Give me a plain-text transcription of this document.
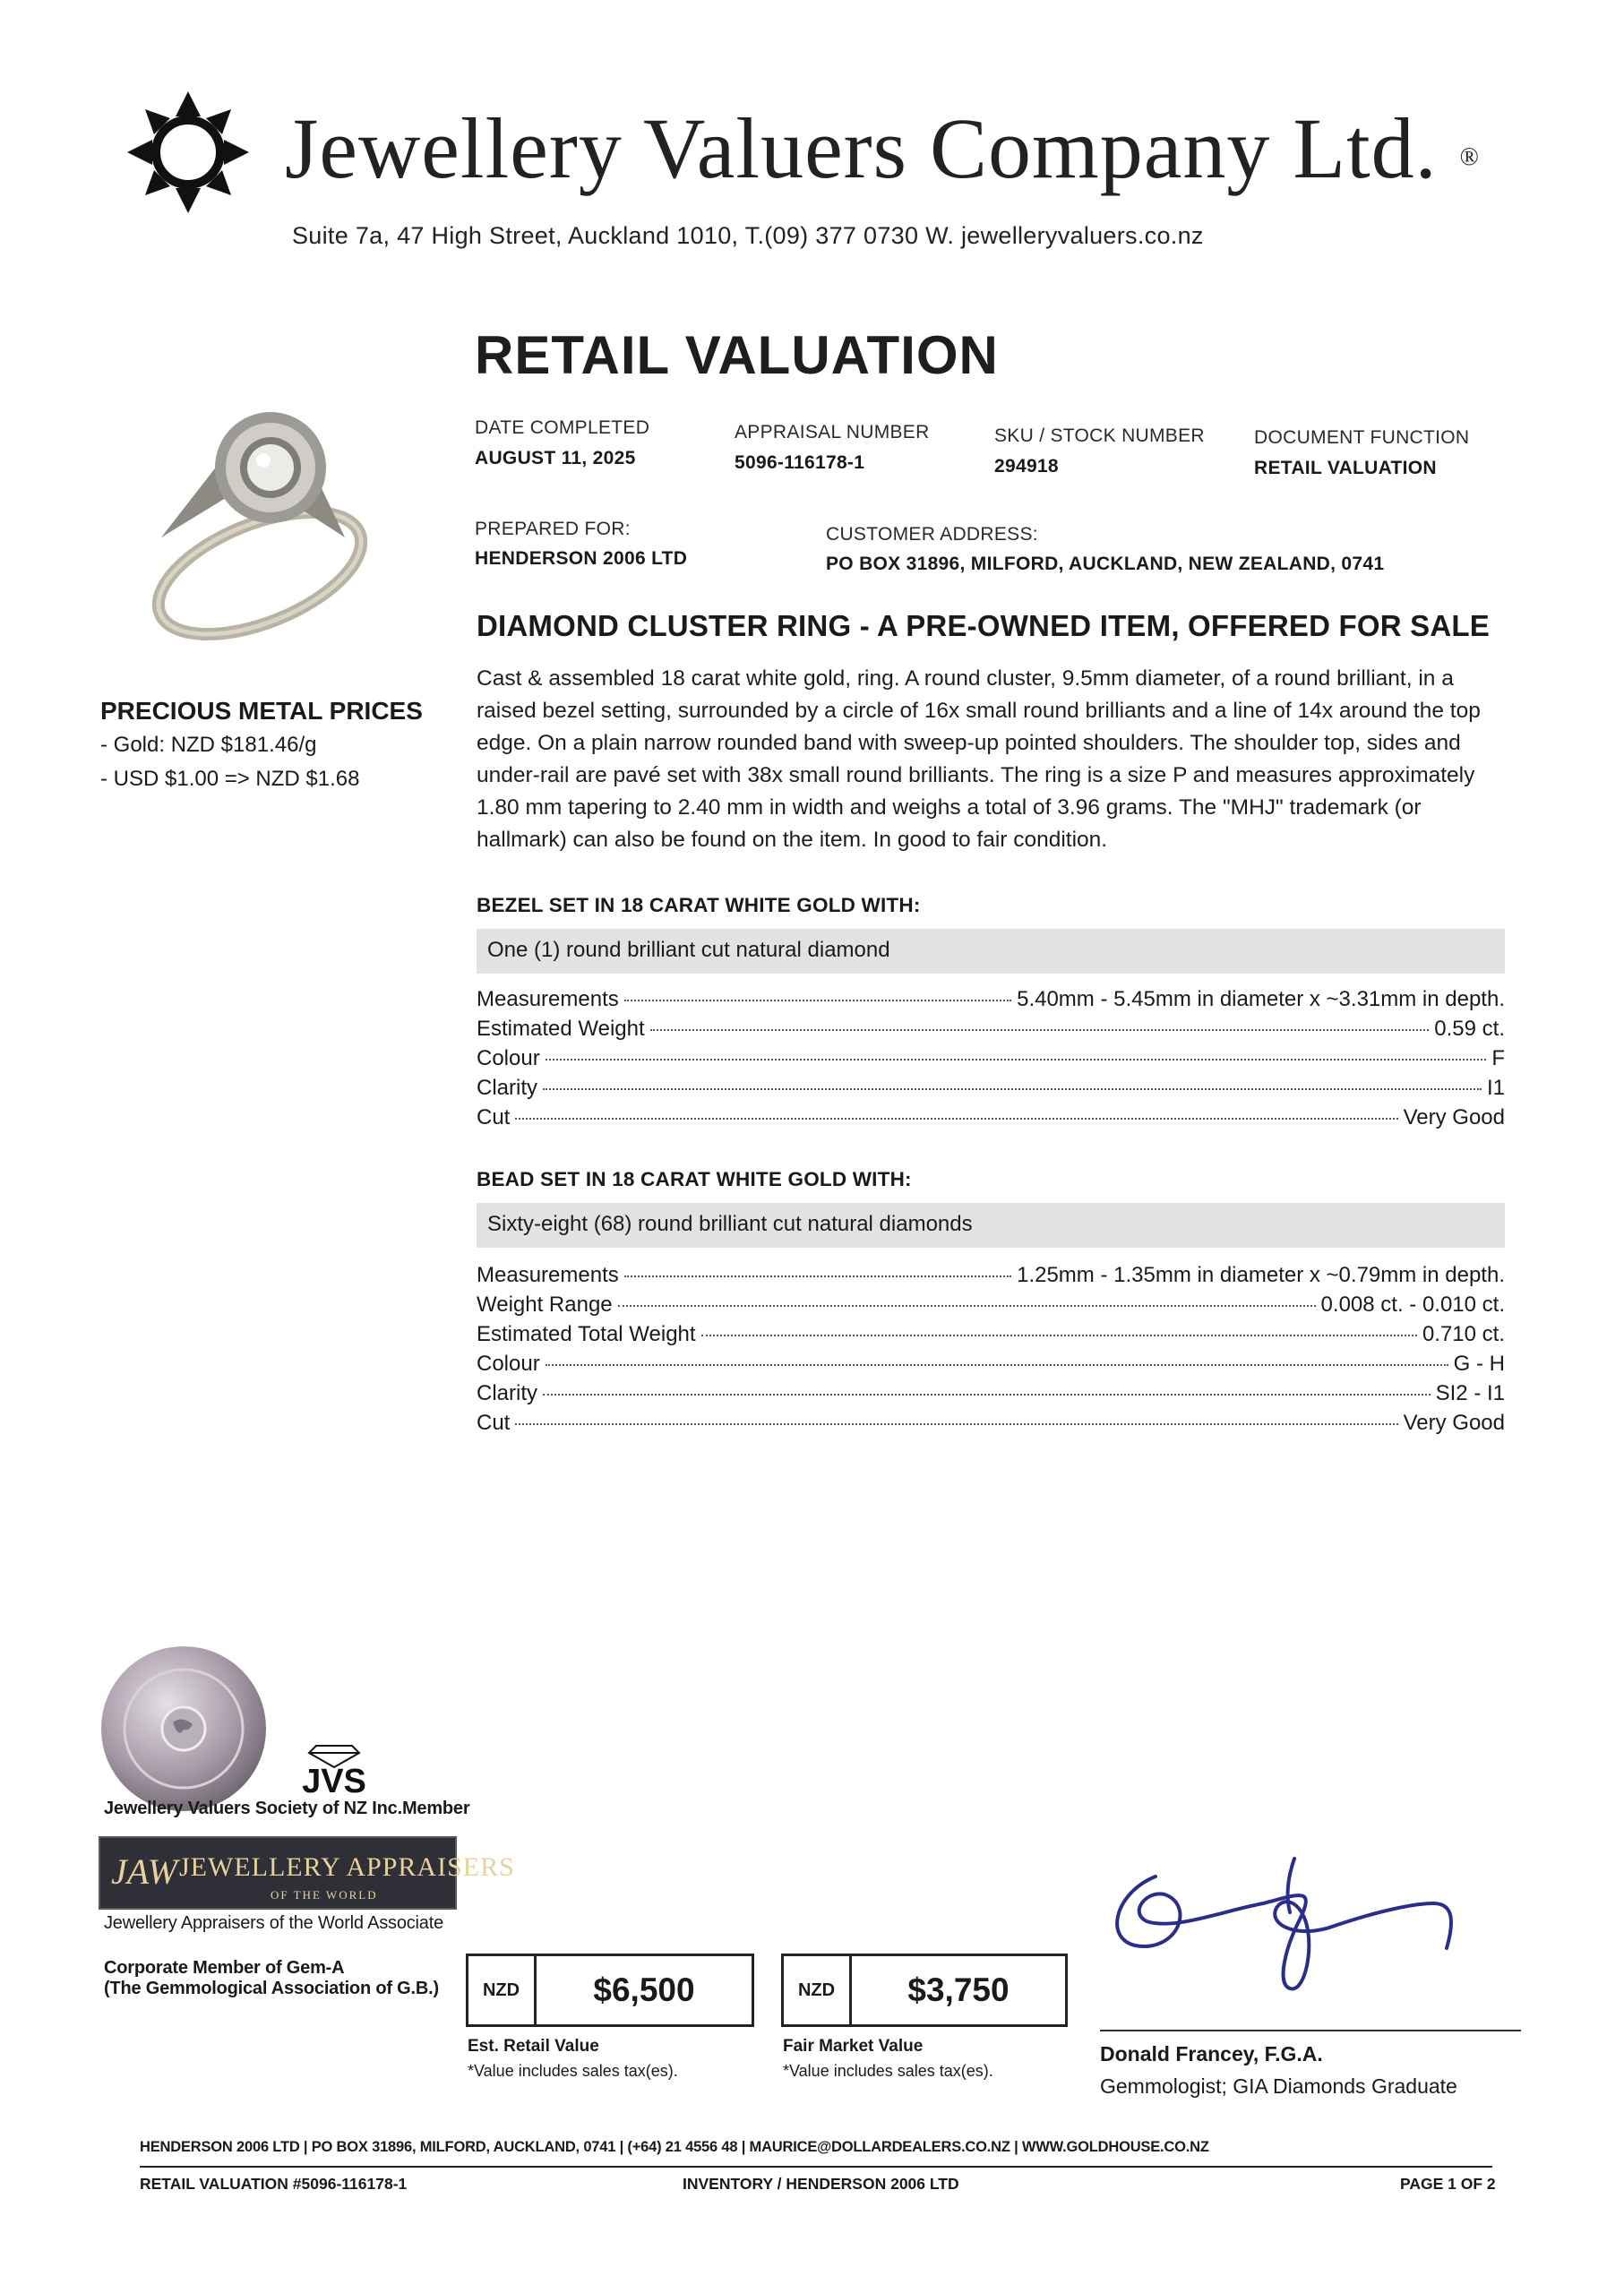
Jewellery Valuers Company Ltd. ®
Suite 7a, 47 High Street, Auckland 1010, T.(09) 377 0730 W. jewelleryvaluers.co.nz
RETAIL VALUATION
DATE COMPLETED
AUGUST 11, 2025
APPRAISAL NUMBER
5096-116178-1
SKU / STOCK NUMBER
294918
DOCUMENT FUNCTION
RETAIL VALUATION
PREPARED FOR:
HENDERSON 2006 LTD
CUSTOMER ADDRESS:
PO BOX 31896, MILFORD, AUCKLAND, NEW ZEALAND, 0741
PRECIOUS METAL PRICES
- Gold: NZD $181.46/g
- USD $1.00 => NZD $1.68
DIAMOND CLUSTER RING - A PRE-OWNED ITEM, OFFERED FOR SALE
Cast & assembled 18 carat white gold, ring. A round cluster, 9.5mm diameter, of a round brilliant, in a raised bezel setting, surrounded by a circle of 16x small round brilliants and a line of 14x around the top edge. On a plain narrow rounded band with sweep-up pointed shoulders. The shoulder top, sides and under-rail are pavé set with 38x small round brilliants. The ring is a size P and measures approximately 1.80 mm tapering to 2.40 mm in width and weighs a total of 3.96 grams. The "MHJ" trademark (or hallmark) can also be found on the item. In good to fair condition.
BEZEL SET IN 18 CARAT WHITE GOLD WITH:
One (1) round brilliant cut natural diamond
Measurements	5.40mm - 5.45mm in diameter x ~3.31mm in depth.
Estimated Weight	0.59 ct.
Colour	F
Clarity	I1
Cut	Very Good
BEAD SET IN 18 CARAT WHITE GOLD WITH:
Sixty-eight (68) round brilliant cut natural diamonds
Measurements	1.25mm - 1.35mm in diameter x ~0.79mm in depth.
Weight Range	0.008 ct. - 0.010 ct.
Estimated Total Weight	0.710 ct.
Colour	G - H
Clarity	SI2 - I1
Cut	Very Good
JVS
Jewellery Valuers Society of NZ Inc.Member
JAW JEWELLERY APPRAISERS
OF THE WORLD
Jewellery Appraisers of the World Associate
Corporate Member of Gem-A
(The Gemmological Association of G.B.)	NZD	$6,500
Est. Retail Value
*Value includes sales tax(es).
NZD	$3,750
Fair Market Value
*Value includes sales tax(es).
Donald Francey, F.G.A.
Gemmologist; GIA Diamonds Graduate
HENDERSON 2006 LTD | PO BOX 31896, MILFORD, AUCKLAND, 0741 | (+64) 21 4556 48 | MAURICE@DOLLARDEALERS.CO.NZ | WWW.GOLDHOUSE.CO.NZ
RETAIL VALUATION #5096-116178-1	INVENTORY / HENDERSON 2006 LTD	PAGE 1 OF 2
